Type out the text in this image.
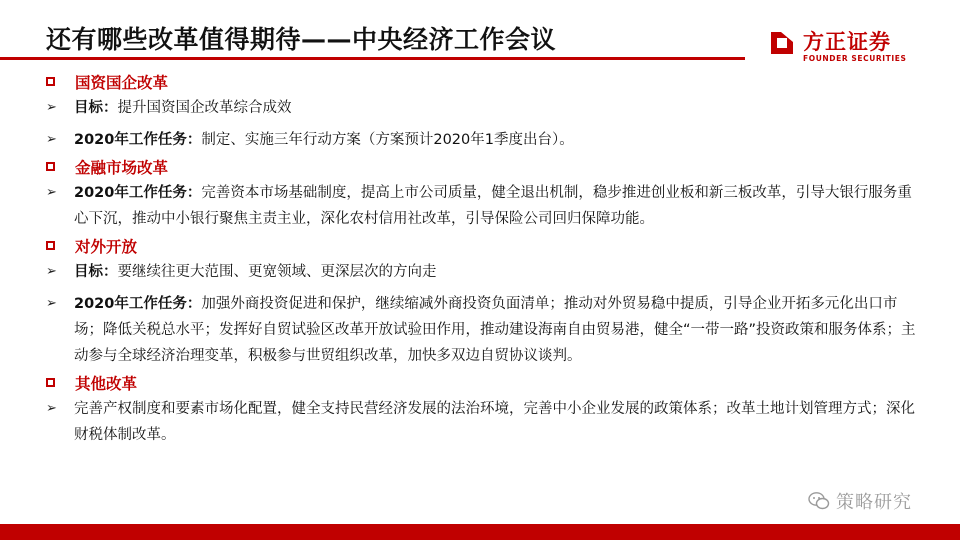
还有哪些改革值得期待——中央经济工作会议	方正证券
FOUNDER SECURITIES
国资国企改革
➢	目标：提升国资国企改革综合成效
➢	2020年工作任务：制定、实施三年行动方案（方案预计2020年1季度出台）。
金融市场改革
➢	2020年工作任务：完善资本市场基础制度，提高上市公司质量，健全退出机制，稳步推进创业板和新三板改革，引导大银行服务重心下沉，推动中小银行聚焦主责主业，深化农村信用社改革，引导保险公司回归保障功能。
对外开放
➢	目标：要继续往更大范围、更宽领域、更深层次的方向走
➢	2020年工作任务：加强外商投资促进和保护，继续缩减外商投资负面清单；推动对外贸易稳中提质，引导企业开拓多元化出口市场；降低关税总水平；发挥好自贸试验区改革开放试验田作用，推动建设海南自由贸易港，健全“一带一路”投资政策和服务体系；主动参与全球经济治理变革，积极参与世贸组织改革，加快多双边自贸协议谈判。
其他改革
➢	完善产权制度和要素市场化配置，健全支持民营经济发展的法治环境，完善中小企业发展的政策体系；改革土地计划管理方式；深化财税体制改革。
策略研究
